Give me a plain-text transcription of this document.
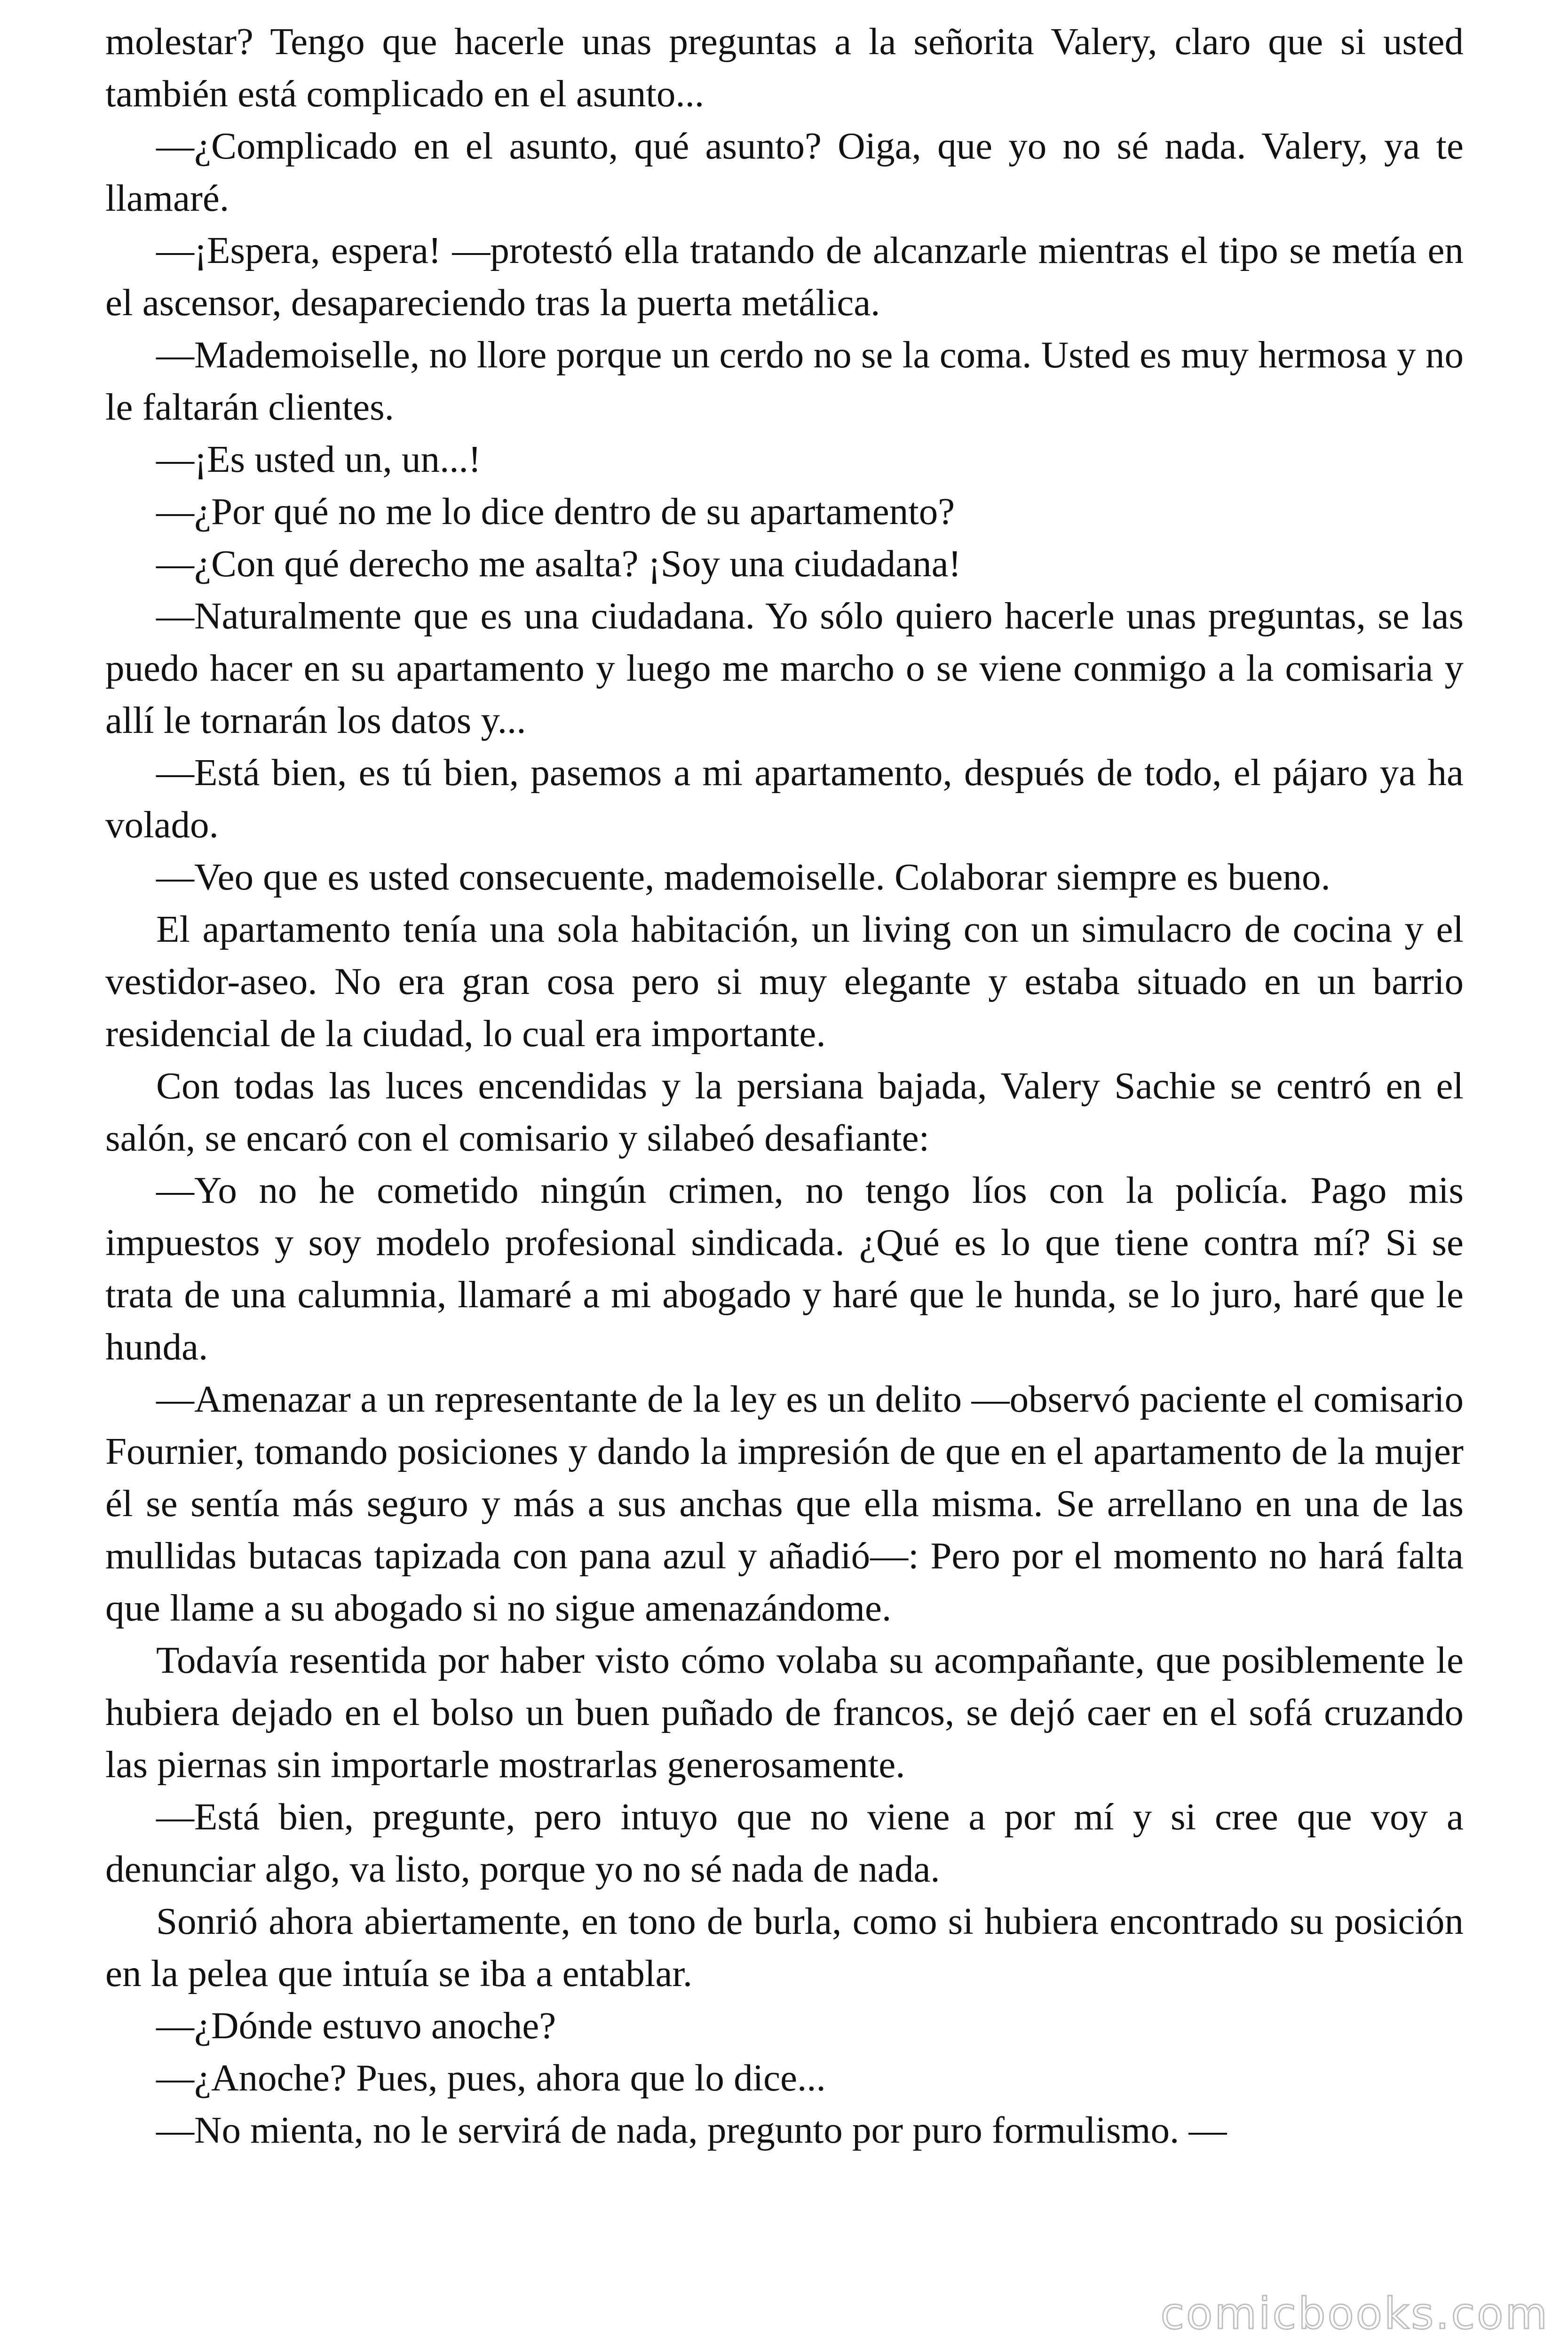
molestar? Tengo que hacerle unas preguntas a la señorita Valery, claro que si usted también está complicado en el asunto...

—¿Complicado en el asunto, qué asunto? Oiga, que yo no sé nada. Valery, ya te llamaré.

—¡Espera, espera! —protestó ella tratando de alcanzarle mientras el tipo se metía en el ascensor, desapareciendo tras la puerta metálica.

—Mademoiselle, no llore porque un cerdo no se la coma. Usted es muy hermosa y no le faltarán clientes.

—¡Es usted un, un...!

—¿Por qué no me lo dice dentro de su apartamento?

—¿Con qué derecho me asalta? ¡Soy una ciudadana!

—Naturalmente que es una ciudadana. Yo sólo quiero hacerle unas preguntas, se las puedo hacer en su apartamento y luego me marcho o se viene conmigo a la comisaria y allí le tornarán los datos y...

—Está bien, es tú bien, pasemos a mi apartamento, después de todo, el pájaro ya ha volado.

—Veo que es usted consecuente, mademoiselle. Colaborar siempre es bueno.

El apartamento tenía una sola habitación, un living con un simulacro de cocina y el vestidor-aseo. No era gran cosa pero si muy elegante y estaba situado en un barrio residencial de la ciudad, lo cual era importante.

Con todas las luces encendidas y la persiana bajada, Valery Sachie se centró en el salón, se encaró con el comisario y silabeó desafiante:

—Yo no he cometido ningún crimen, no tengo líos con la policía. Pago mis impuestos y soy modelo profesional sindicada. ¿Qué es lo que tiene contra mí? Si se trata de una calumnia, llamaré a mi abogado y haré que le hunda, se lo juro, haré que le hunda.

—Amenazar a un representante de la ley es un delito —observó paciente el comisario Fournier, tomando posiciones y dando la impresión de que en el apartamento de la mujer él se sentía más seguro y más a sus anchas que ella misma. Se arrellano en una de las mullidas butacas tapizada con pana azul y añadió—: Pero por el momento no hará falta que llame a su abogado si no sigue amenazándome.

Todavía resentida por haber visto cómo volaba su acompañante, que posiblemente le hubiera dejado en el bolso un buen puñado de francos, se dejó caer en el sofá cruzando las piernas sin importarle mostrarlas generosamente.

—Está bien, pregunte, pero intuyo que no viene a por mí y si cree que voy a denunciar algo, va listo, porque yo no sé nada de nada.

Sonrió ahora abiertamente, en tono de burla, como si hubiera encontrado su posición en la pelea que intuía se iba a entablar.

—¿Dónde estuvo anoche?

—¿Anoche? Pues, pues, ahora que lo dice...

—No mienta, no le servirá de nada, pregunto por puro formulismo. —

comicbooks.com
